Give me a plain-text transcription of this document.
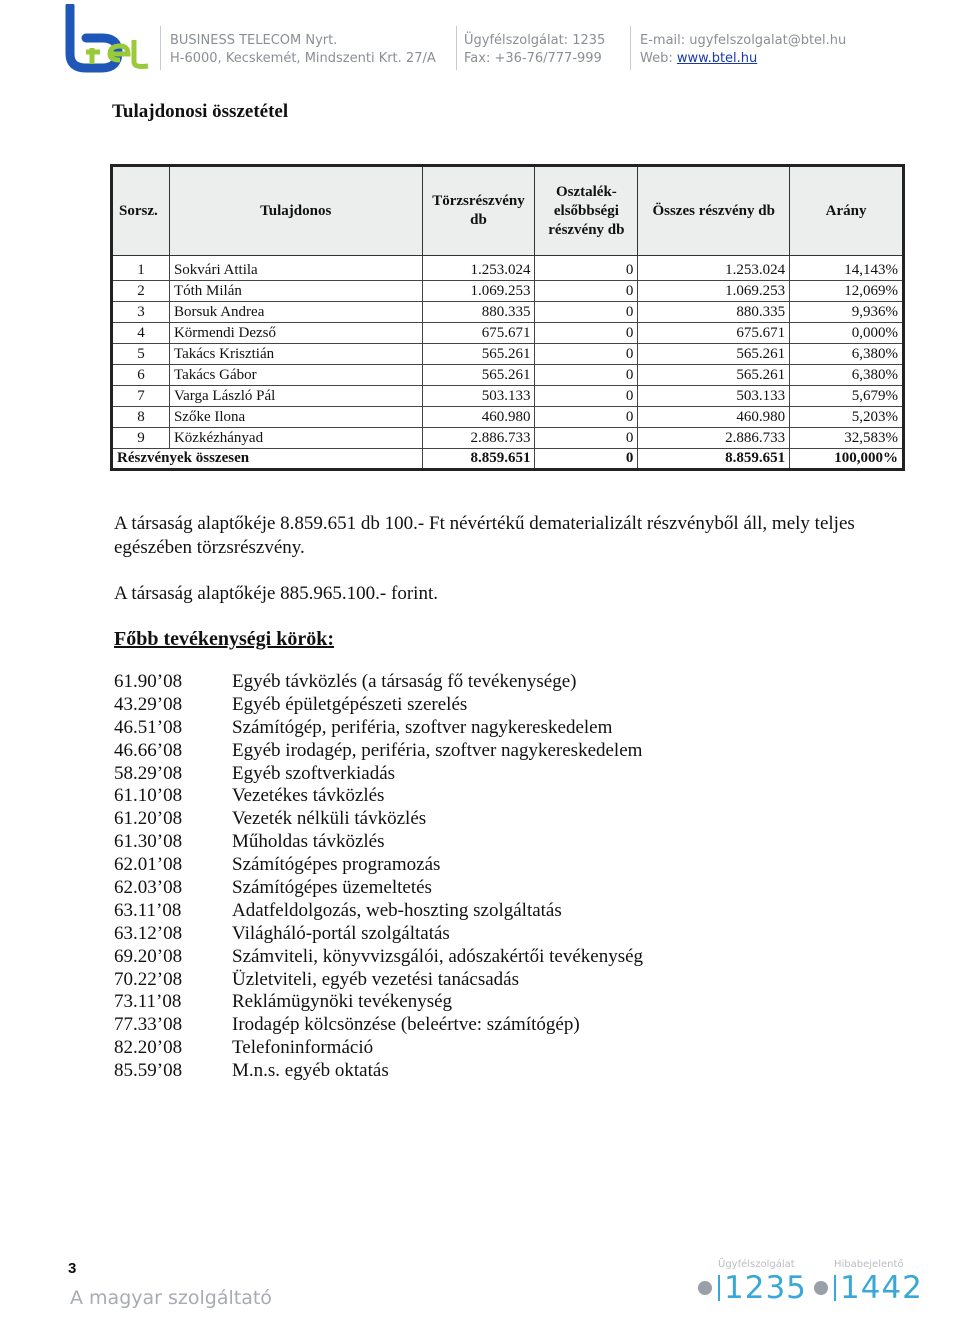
BUSINESS TELECOM Nyrt.
H-6000, Kecskemét, Mindszenti Krt. 27/A
Ügyfélszolgálat: 1235
Fax: +36-76/777-999
E-mail: ugyfelszolgalat@btel.hu
Web: www.btel.hu
Tulajdonosi összetétel
Sorsz.	Tulajdonos	Törzsrészvény db	Osztalék-elsőbbségi részvény db	Összes részvény db	Arány
1	Sokvári Attila	1.253.024	0	1.253.024	14,143%
2	Tóth Milán	1.069.253	0	1.069.253	12,069%
3	Borsuk Andrea	880.335	0	880.335	9,936%
4	Körmendi Dezső	675.671	0	675.671	0,000%
5	Takács Krisztián	565.261	0	565.261	6,380%
6	Takács Gábor	565.261	0	565.261	6,380%
7	Varga László Pál	503.133	0	503.133	5,679%
8	Szőke Ilona	460.980	0	460.980	5,203%
9	Közkézhányad	2.886.733	0	2.886.733	32,583%
Részvények összesen		8.859.651	0	8.859.651	100,000%
A társaság alaptőkéje 8.859.651 db 100.- Ft névértékű dematerializált részvényből áll, mely teljes egészében törzsrészvény.
A társaság alaptőkéje 885.965.100.- forint.
Főbb tevékenységi körök:
61.90’08	Egyéb távközlés (a társaság fő tevékenysége)
43.29’08	Egyéb épületgépészeti szerelés
46.51’08	Számítógép, periféria, szoftver nagykereskedelem
46.66’08	Egyéb irodagép, periféria, szoftver nagykereskedelem
58.29’08	Egyéb szoftverkiadás
61.10’08	Vezetékes távközlés
61.20’08	Vezeték nélküli távközlés
61.30’08	Műholdas távközlés
62.01’08	Számítógépes programozás
62.03’08	Számítógépes üzemeltetés
63.11’08	Adatfeldolgozás, web-hoszting szolgáltatás
63.12’08	Világháló-portál szolgáltatás
69.20’08	Számviteli, könyvvizsgálói, adószakértői tevékenység
70.22’08	Üzletviteli, egyéb vezetési tanácsadás
73.11’08	Reklámügynöki tevékenység
77.33’08	Irodagép kölcsönzése (beleértve: számítógép)
82.20’08	Telefoninformáció
85.59’08	M.n.s. egyéb oktatás
3
A magyar szolgáltató
Ügyfélszolgálat
1235
Hibabejelentő
1442
